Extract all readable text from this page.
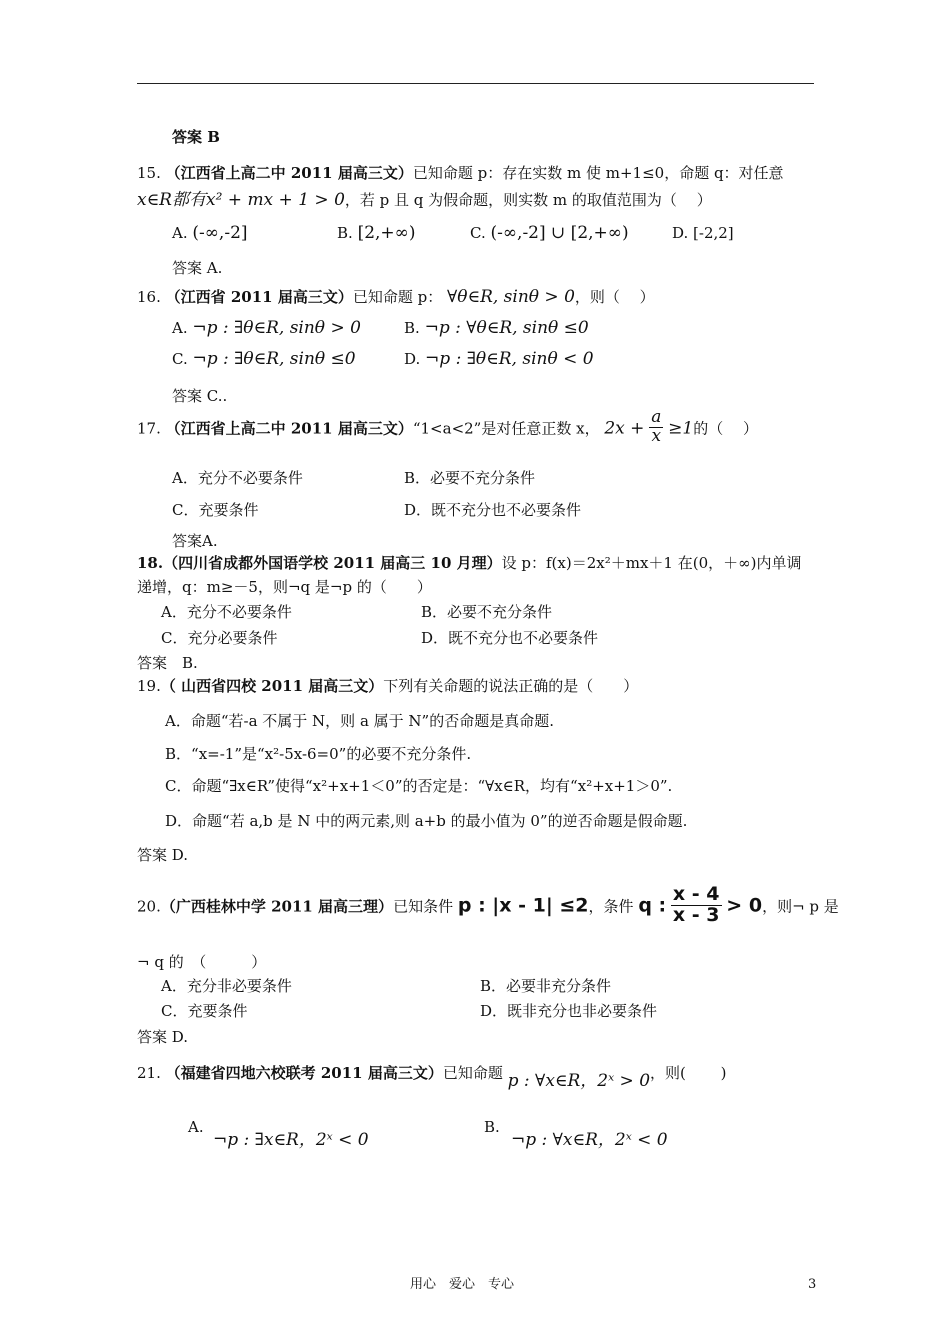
答案 B
15. （江西省上高二中 2011 届高三文）已知命题 p：存在实数 m 使 m+1≤0，命题 q：对任意
x∈R都有x² + mx + 1 > 0，若 p 且 q 为假命题，则实数 m 的取值范围为（　 ）
A. (-∞,-2]	B. [2,+∞)	C. (-∞,-2] ∪ [2,+∞)	D. [-2,2]
答案 A.
16. （江西省 2011 届高三文）已知命题 p： ∀θ∈R, sinθ > 0，则（　 ）
A. ¬p : ∃θ∈R, sinθ > 0	B. ¬p : ∀θ∈R, sinθ ≤0
C. ¬p : ∃θ∈R, sinθ ≤0	D. ¬p : ∃θ∈R, sinθ < 0
答案 C..
17. （江西省上高二中 2011 届高三文）“1<a<2”是对任意正数 x， $2x + \frac{a}{x} \ge 1$的（　 ）
A．充分不必要条件	B．必要不充分条件
C．充要条件	D．既不充分也不必要条件
答案A.
18.（四川省成都外国语学校 2011 届高三 10 月理）设 p：f(x)＝2x²＋mx＋1 在(0，＋∞)内单调
递增，q：m≥－5，则¬q 是¬p 的（　　）
A．充分不必要条件	B．必要不充分条件
C．充分必要条件	D．既不充分也不必要条件
答案　B.
19.（ 山西省四校 2011 届高三文）下列有关命题的说法正确的是（　　）
A．命题“若-a 不属于 N，则 a 属于 N”的否命题是真命题.
B．“x=-1”是“x²-5x-6=0”的必要不充分条件.
C．命题“∃x∈R”使得“x²+x+1＜0”的否定是：“∀x∈R，均有“x²+x+1＞0”.
D．命题“若 a,b 是 N 中的两元素,则 a+b 的最小值为 0”的逆否命题是假命题.
答案 D.
20.（广西桂林中学 2011 届高三理）已知条件 p : |x - 1| ≤2，条件 q : $\frac{x - 4}{x - 3} > 0$，则¬ p 是
¬ q 的　（　　　）
A．充分非必要条件	B．必要非充分条件
C．充要条件	D．既非充分也非必要条件
答案 D.
21. （福建省四地六校联考 2011 届高三文）已知命题 p : ∀x∈R，2ˣ > 0，则(　　 )
A.
¬p : ∃x∈R，2ˣ < 0
B.
¬p : ∀x∈R，2ˣ < 0
用心　爱心　专心	3
